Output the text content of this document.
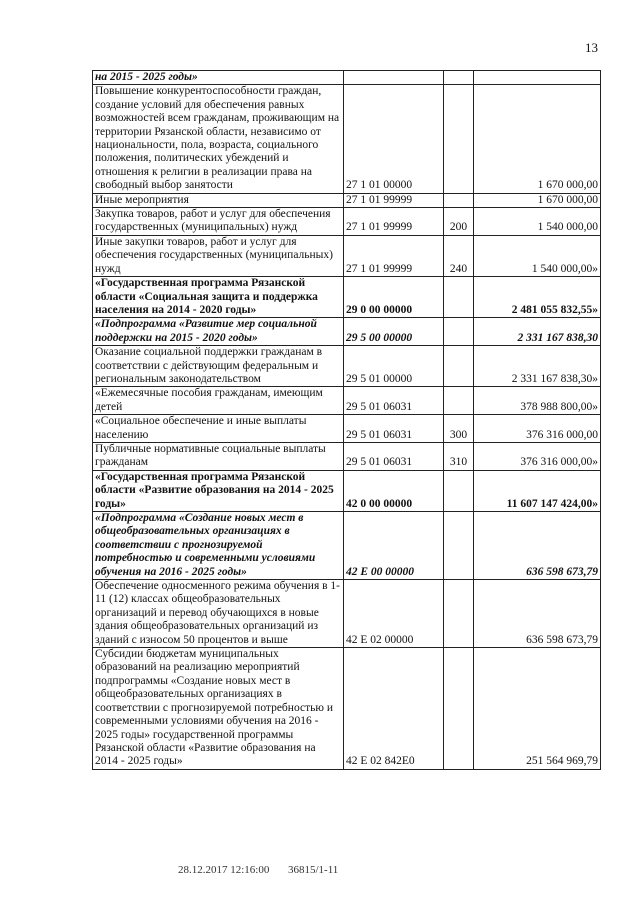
13
на 2015 - 2025 годы»			
Повышение конкурентоспособности граждан, создание условий для обеспечения равных возможностей всем гражданам, проживающим на территории Рязанской области, независимо от национальности, пола, возраста, социального положения, политических убеждений и отношения к религии в реализации права на свободный выбор занятости	27 1 01 00000		1 670 000,00
Иные мероприятия	27 1 01 99999		1 670 000,00
Закупка товаров, работ и услуг для обеспечения государственных (муниципальных) нужд	27 1 01 99999	200	1 540 000,00
Иные закупки товаров, работ и услуг для обеспечения государственных (муниципальных) нужд	27 1 01 99999	240	1 540 000,00»
«Государственная программа Рязанской области «Социальная защита и поддержка населения на 2014 - 2020 годы»	29 0 00 00000		2 481 055 832,55»
«Подпрограмма «Развитие мер социальной поддержки на 2015 - 2020 годы»	29 5 00 00000		2 331 167 838,30
Оказание социальной поддержки гражданам в соответствии с действующим федеральным и региональным законодательством	29 5 01 00000		2 331 167 838,30»
«Ежемесячные пособия гражданам, имеющим детей	29 5 01 06031		378 988 800,00»
«Социальное обеспечение и иные выплаты населению	29 5 01 06031	300	376 316 000,00
Публичные нормативные социальные выплаты гражданам	29 5 01 06031	310	376 316 000,00»
«Государственная программа Рязанской области «Развитие образования на 2014 - 2025 годы»	42 0 00 00000		11 607 147 424,00»
«Подпрограмма «Создание новых мест в общеобразовательных организациях в соответствии с прогнозируемой потребностью и современными условиями обучения на 2016 - 2025 годы»	42 E 00 00000		636 598 673,79
Обеспечение односменного режима обучения в 1-11 (12) классах общеобразовательных организаций и перевод обучающихся в новые здания общеобразовательных организаций из зданий с износом 50 процентов и выше	42 E 02 00000		636 598 673,79
Субсидии бюджетам муниципальных образований на реализацию мероприятий подпрограммы «Создание новых мест в общеобразовательных организациях в соответствии с прогнозируемой потребностью и современными условиями обучения на 2016 - 2025 годы» государственной программы Рязанской области «Развитие образования на 2014 - 2025 годы»	42 E 02 842E0		251 564 969,79
28.12.2017 12:16:00 36815/1-11
